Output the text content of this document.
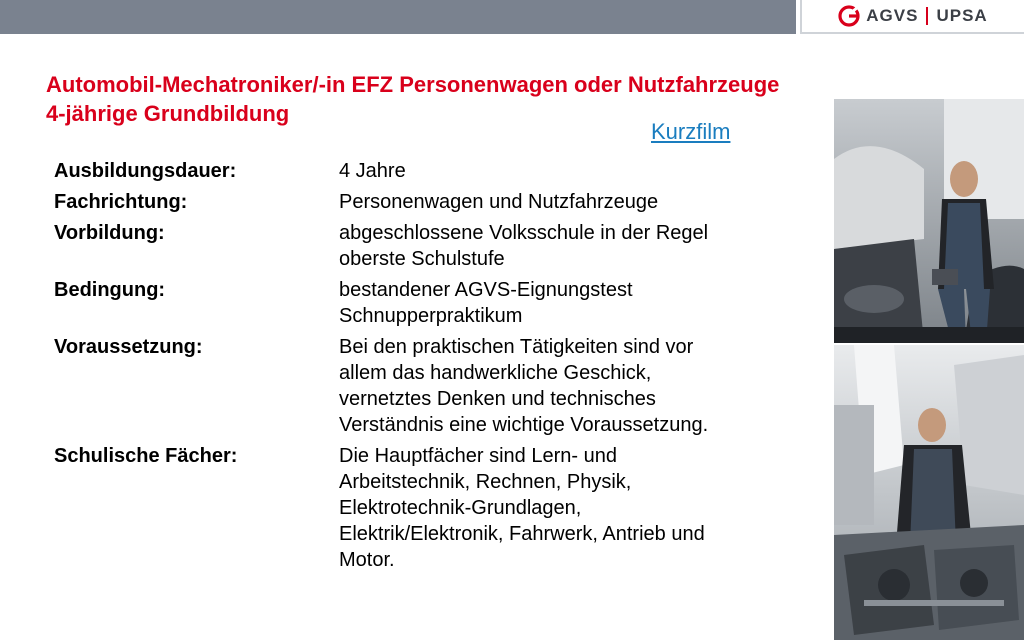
AGVS UPSA
Automobil-Mechatroniker/-in EFZ Personenwagen oder Nutzfahrzeuge
4-jährige Grundbildung
Kurzfilm
Ausbildungsdauer:	4 Jahre
Fachrichtung:	Personenwagen und Nutzfahrzeuge
Vorbildung:	abgeschlossene Volksschule in der Regel
oberste Schulstufe
Bedingung:	bestandener AGVS-Eignungstest
Schnupperpraktikum
Voraussetzung:	Bei den praktischen Tätigkeiten sind vor
allem das handwerkliche Geschick,
vernetztes Denken und technisches
Verständnis eine wichtige Voraussetzung.
Schulische Fächer:	Die Hauptfächer sind Lern- und
Arbeitstechnik, Rechnen, Physik,
Elektrotechnik-Grundlagen,
Elektrik/Elektronik, Fahrwerk, Antrieb und
Motor.
